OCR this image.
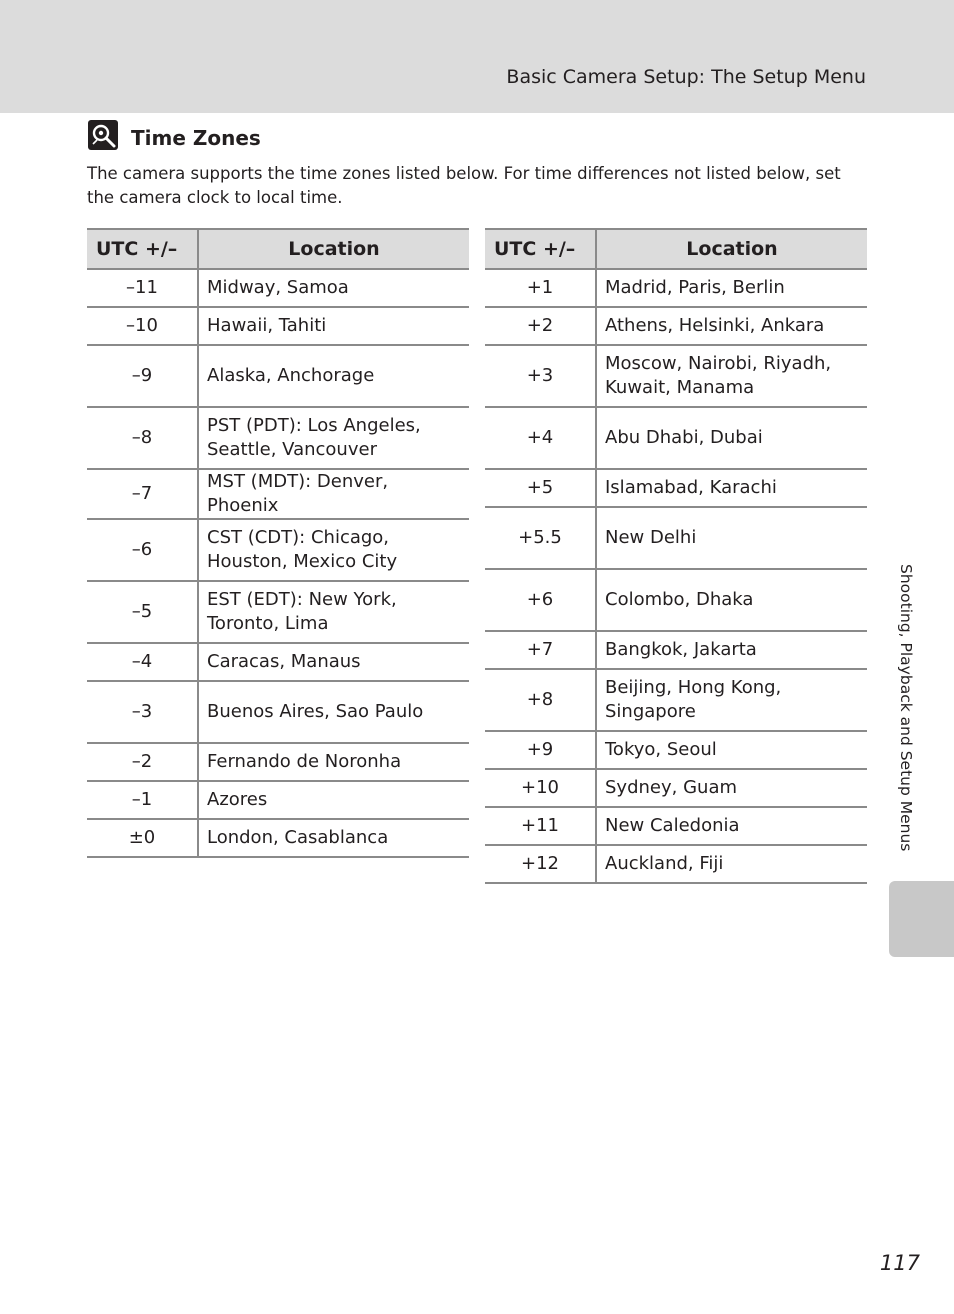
Basic Camera Setup: The Setup Menu
Time Zones
The camera supports the time zones listed below. For time differences not listed below, set the camera clock to local time.
UTC +/–	Location
–11	Midway, Samoa
–10	Hawaii, Tahiti
–9	Alaska, Anchorage
–8	PST (PDT): Los Angeles, Seattle, Vancouver
–7	MST (MDT): Denver, Phoenix
–6	CST (CDT): Chicago, Houston, Mexico City
–5	EST (EDT): New York, Toronto, Lima
–4	Caracas, Manaus
–3	Buenos Aires, Sao Paulo
–2	Fernando de Noronha
–1	Azores
±0	London, Casablanca
UTC +/–	Location
+1	Madrid, Paris, Berlin
+2	Athens, Helsinki, Ankara
+3	Moscow, Nairobi, Riyadh, Kuwait, Manama
+4	Abu Dhabi, Dubai
+5	Islamabad, Karachi
+5.5	New Delhi
+6	Colombo, Dhaka
+7	Bangkok, Jakarta
+8	Beijing, Hong Kong, Singapore
+9	Tokyo, Seoul
+10	Sydney, Guam
+11	New Caledonia
+12	Auckland, Fiji
Shooting, Playback and Setup Menus
117
